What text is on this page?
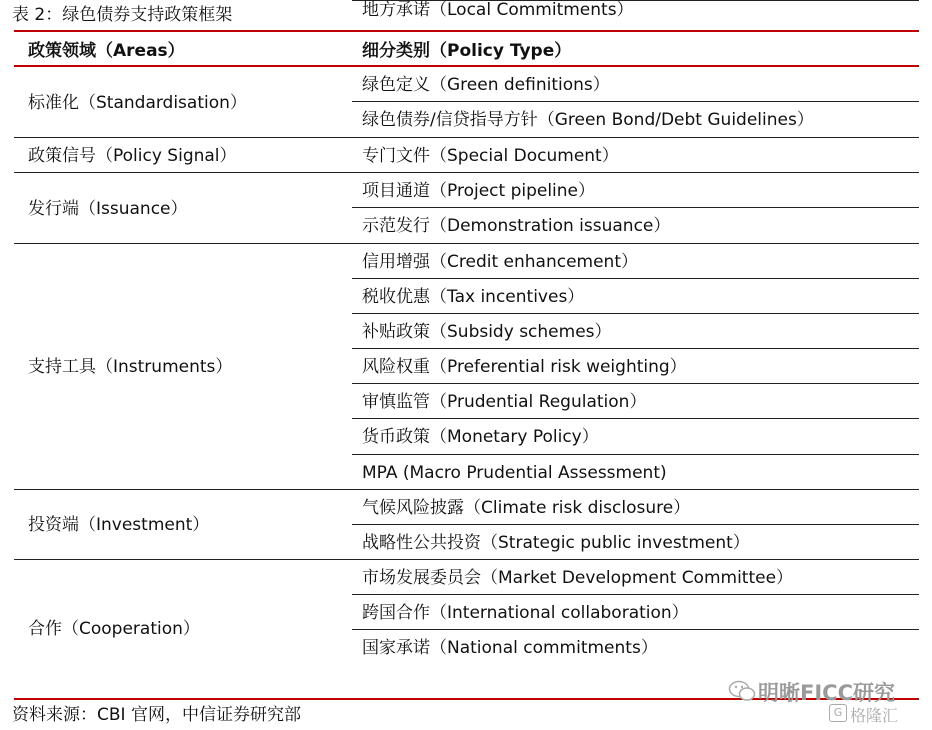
表 2：绿色债券支持政策框架
政策领域（Areas）	细分类别（Policy Type）
绿色定义（Green definitions）
绿色债券/信贷指导方针（Green Bond/Debt Guidelines）
标准化（Standardisation）
专门文件（Special Document）
政策信号（Policy Signal）
项目通道（Project pipeline）
示范发行（Demonstration issuance）
发行端（Issuance）
信用增强（Credit enhancement）
税收优惠（Tax incentives）
补贴政策（Subsidy schemes）
风险权重（Preferential risk weighting）
审慎监管（Prudential Regulation）
货币政策（Monetary Policy）
MPA (Macro Prudential Assessment)
支持工具（Instruments）
气候风险披露（Climate risk disclosure）
战略性公共投资（Strategic public investment）
投资端（Investment）
市场发展委员会（Market Development Committee）
跨国合作（International collaboration）
国家承诺（National commitments）
地方承诺（Local Commitments）
合作（Cooperation）
资料来源：CBI 官网，中信证券研究部
明晰FICC研究
G 格隆汇
